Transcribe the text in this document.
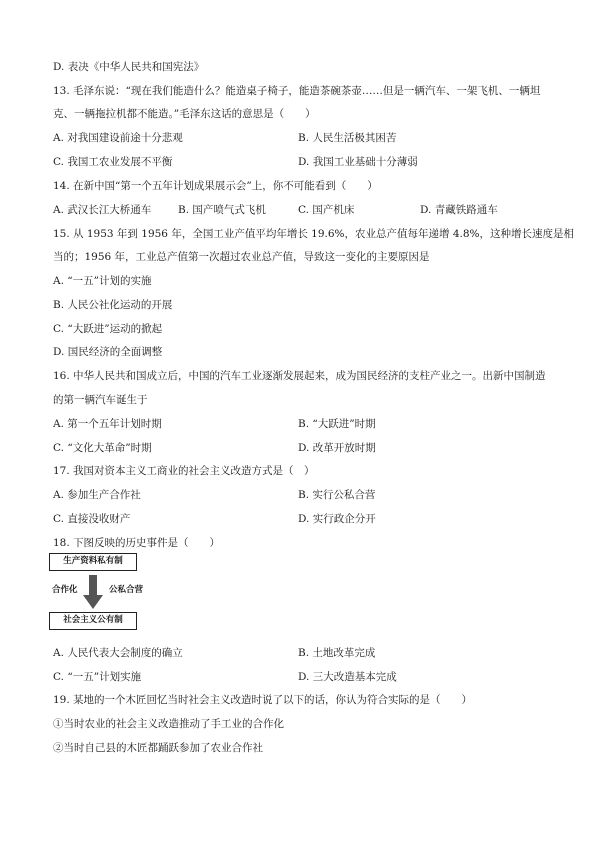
D. 表决《中华人民共和国宪法》
13. 毛泽东说：“现在我们能造什么？能造桌子椅子，能造茶碗茶壶……但是一辆汽车、一架飞机、一辆坦
克、一辆拖拉机都不能造。”毛泽东这话的意思是（　　）
A. 对我国建设前途十分悲观	B. 人民生活极其困苦
C. 我国工农业发展不平衡	D. 我国工业基础十分薄弱
14. 在新中国“第一个五年计划成果展示会”上，你不可能看到（　　）
A. 武汉长江大桥通车	B. 国产喷气式飞机	C. 国产机床	D. 青藏铁路通车
15. 从 1953 年到 1956 年，全国工业产值平均年增长 19.6%，农业总产值每年递增 4.8%，这种增长速度是相
当的；1956 年，工业总产值第一次超过农业总产值，导致这一变化的主要原因是
A. “一五”计划的实施
B. 人民公社化运动的开展
C. “大跃进”运动的掀起
D. 国民经济的全面调整
16. 中华人民共和国成立后，中国的汽车工业逐渐发展起来，成为国民经济的支柱产业之一。出新中国制造
的第一辆汽车诞生于
A. 第一个五年计划时期	B. “大跃进”时期
C. “文化大革命”时期	D. 改革开放时期
17. 我国对资本主义工商业的社会主义改造方式是（　）
A. 参加生产合作社	B. 实行公私合营
C. 直接没收财产	D. 实行政企分开
18. 下图反映的历史事件是（　　）
生产资料私有制
合作化	公私合营
社会主义公有制
A. 人民代表大会制度的确立	B. 土地改革完成
C. “一五”计划实施	D. 三大改造基本完成
19. 某地的一个木匠回忆当时社会主义改造时说了以下的话，你认为符合实际的是（　　）
①当时农业的社会主义改造推动了手工业的合作化
②当时自己县的木匠都踊跃参加了农业合作社
